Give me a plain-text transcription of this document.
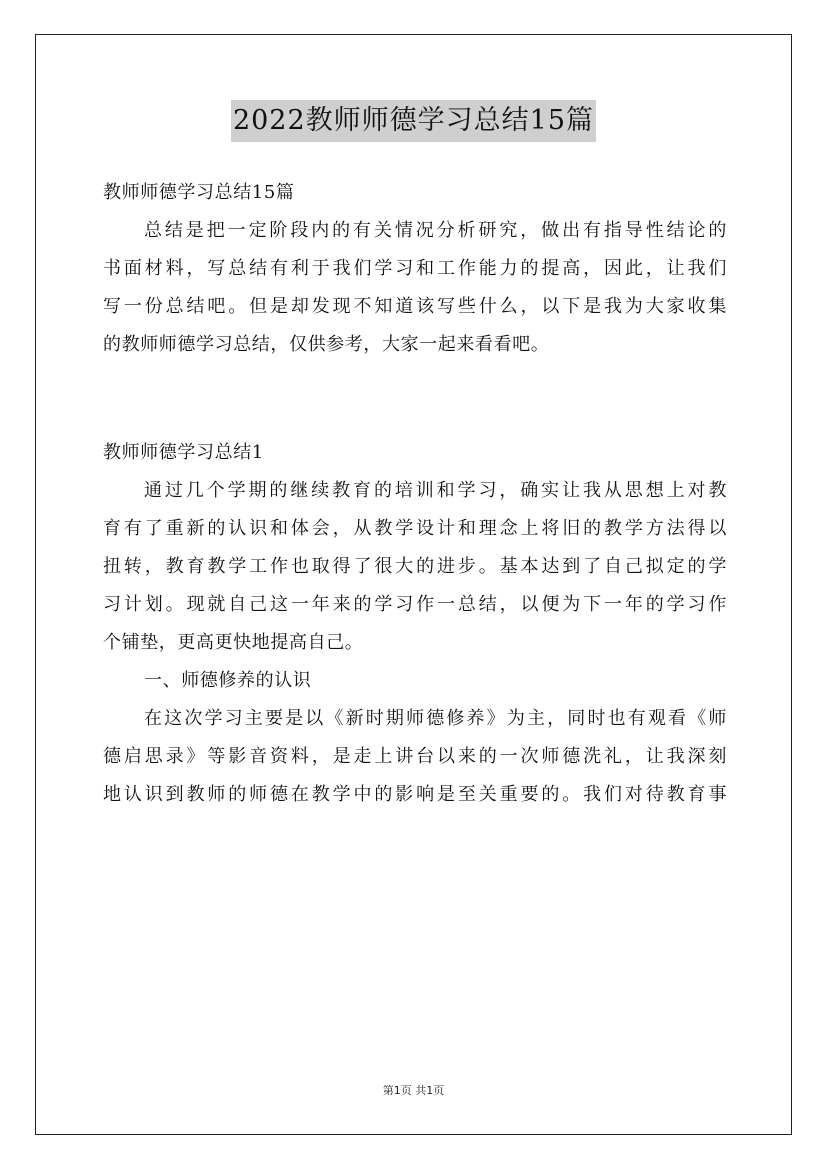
2022教师师德学习总结15篇
教师师德学习总结15篇
总结是把一定阶段内的有关情况分析研究，做出有指导性结论的
书面材料，写总结有利于我们学习和工作能力的提高，因此，让我们
写一份总结吧。但是却发现不知道该写些什么，以下是我为大家收集
的教师师德学习总结，仅供参考，大家一起来看看吧。
教师师德学习总结1
通过几个学期的继续教育的培训和学习，确实让我从思想上对教
育有了重新的认识和体会，从教学设计和理念上将旧的教学方法得以
扭转，教育教学工作也取得了很大的进步。基本达到了自己拟定的学
习计划。现就自己这一年来的学习作一总结，以便为下一年的学习作
个铺垫，更高更快地提高自己。
一、师德修养的认识
在这次学习主要是以《新时期师德修养》为主，同时也有观看《师
德启思录》等影音资料，是走上讲台以来的一次师德洗礼，让我深刻
地认识到教师的师德在教学中的影响是至关重要的。我们对待教育事
第1页 共1页
